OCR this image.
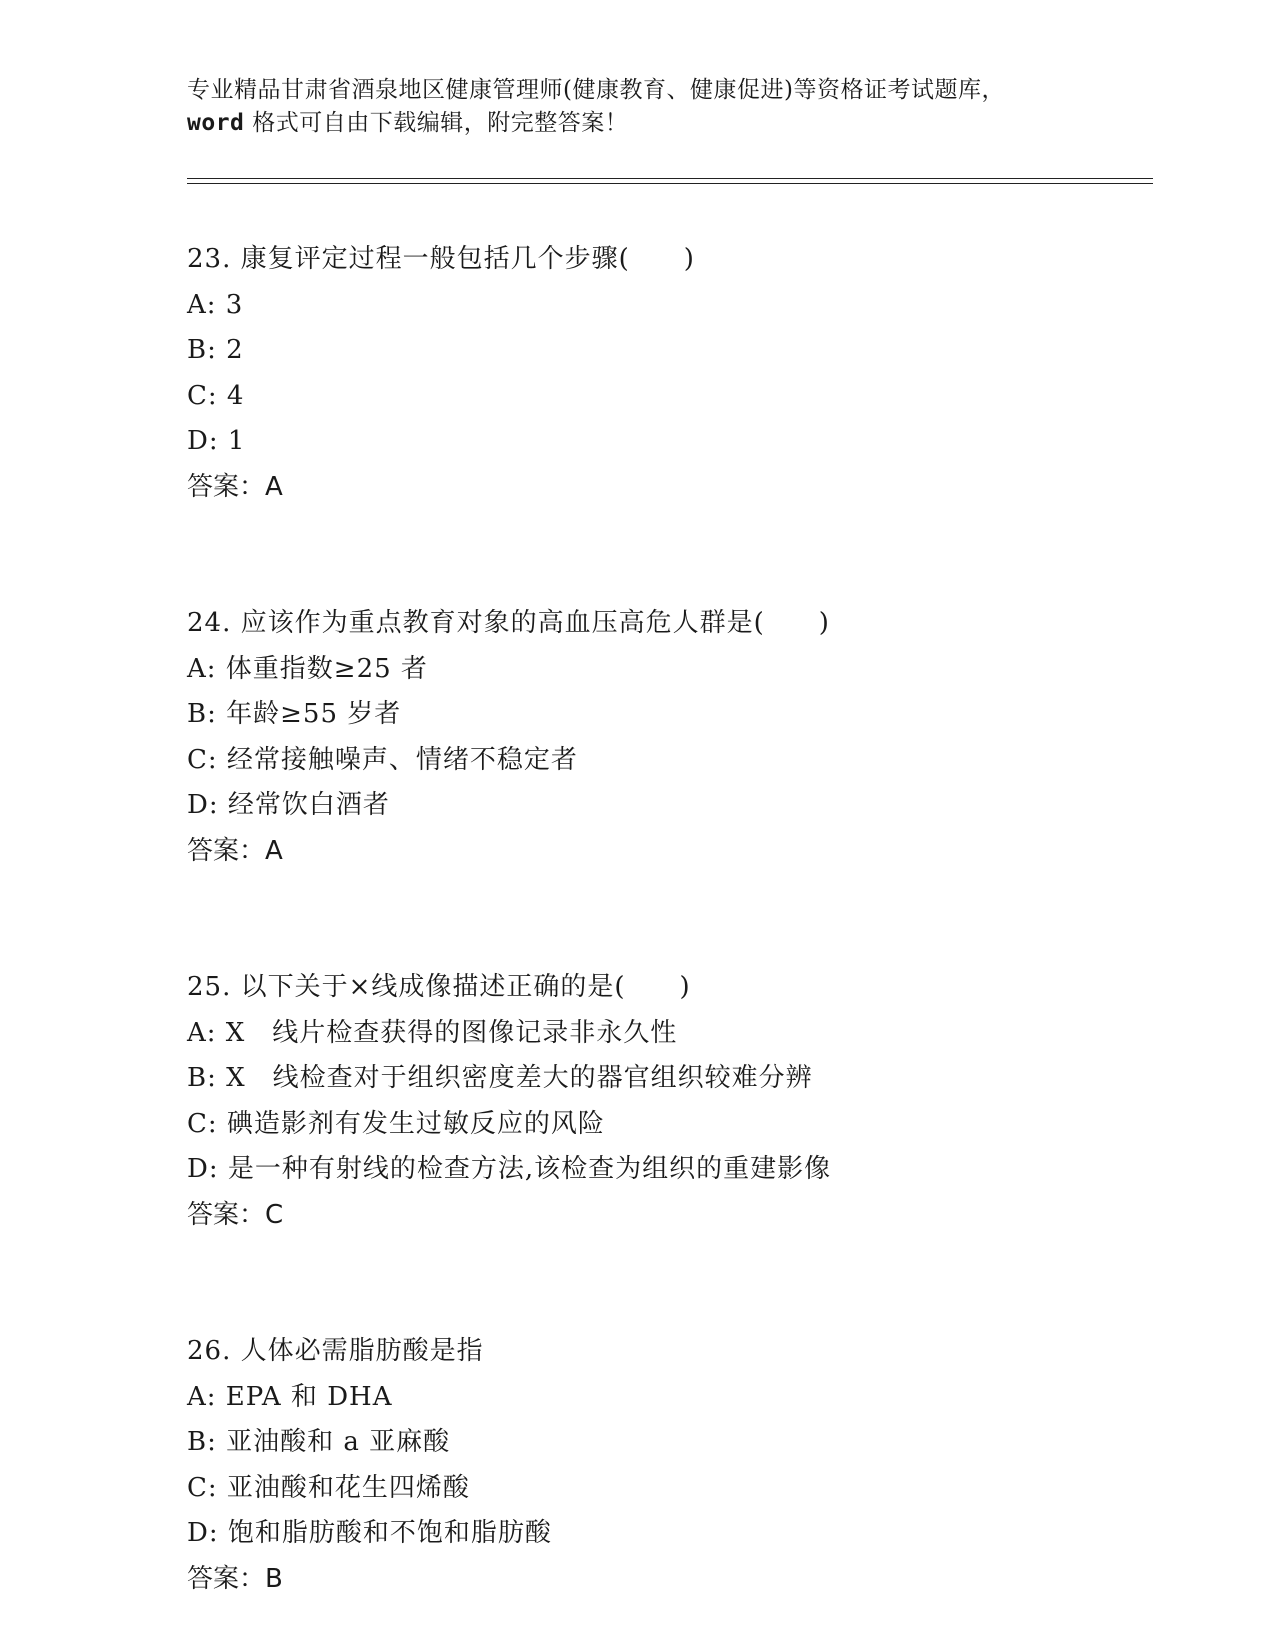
专业精品甘肃省酒泉地区健康管理师(健康教育、健康促进)等资格证考试题库，
word 格式可自由下载编辑，附完整答案！
23. 康复评定过程一般包括几个步骤(　　)
A: 3
B: 2
C: 4
D: 1
答案：A
24. 应该作为重点教育对象的高血压高危人群是(　　)
A: 体重指数≥25 者
B: 年龄≥55 岁者
C: 经常接触噪声、情绪不稳定者
D: 经常饮白酒者
答案：A
25. 以下关于×线成像描述正确的是(　　)
A: X　线片检查获得的图像记录非永久性
B: X　线检查对于组织密度差大的器官组织较难分辨
C: 碘造影剂有发生过敏反应的风险
D: 是一种有射线的检查方法,该检查为组织的重建影像
答案：C
26. 人体必需脂肪酸是指
A: EPA 和 DHA
B: 亚油酸和 a 亚麻酸
C: 亚油酸和花生四烯酸
D: 饱和脂肪酸和不饱和脂肪酸
答案：B
